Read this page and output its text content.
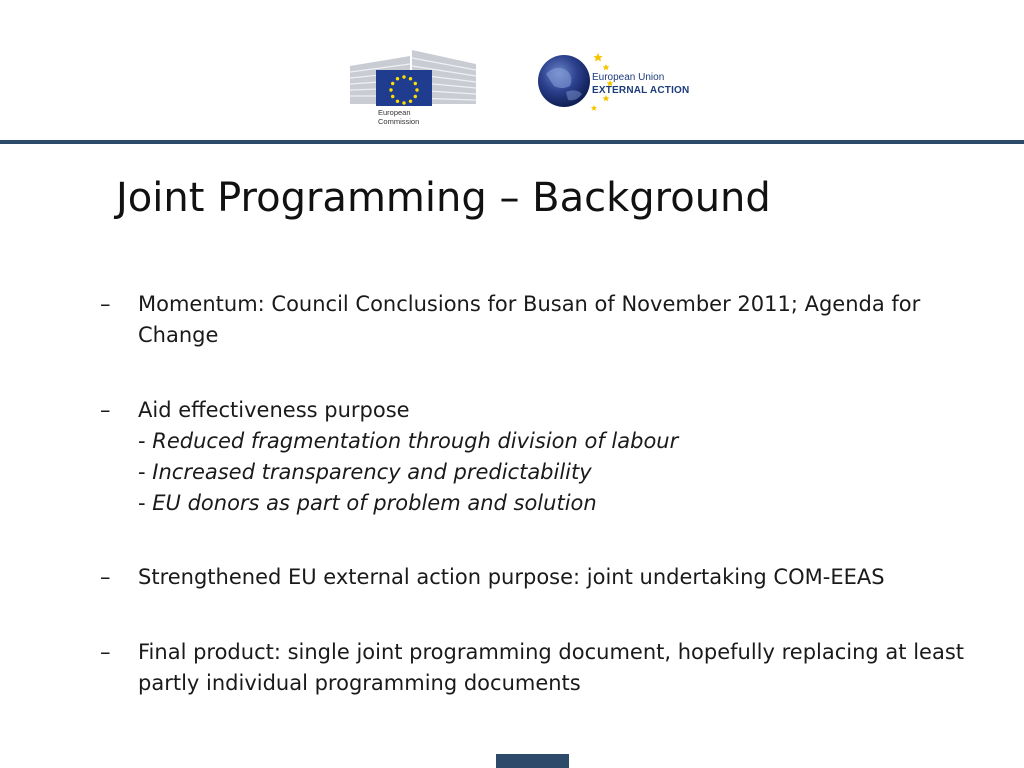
European
Commission
European Union
EXTERNAL ACTION
Joint Programming – Background
–	Momentum: Council Conclusions for Busan of November 2011; Agenda for Change
–	Aid effectiveness purpose
- Reduced fragmentation through division of labour
- Increased transparency and predictability
- EU donors as part of problem and solution
–	Strengthened EU external action purpose: joint undertaking COM-EEAS
–	Final product: single joint programming document, hopefully replacing at least partly individual programming documents
